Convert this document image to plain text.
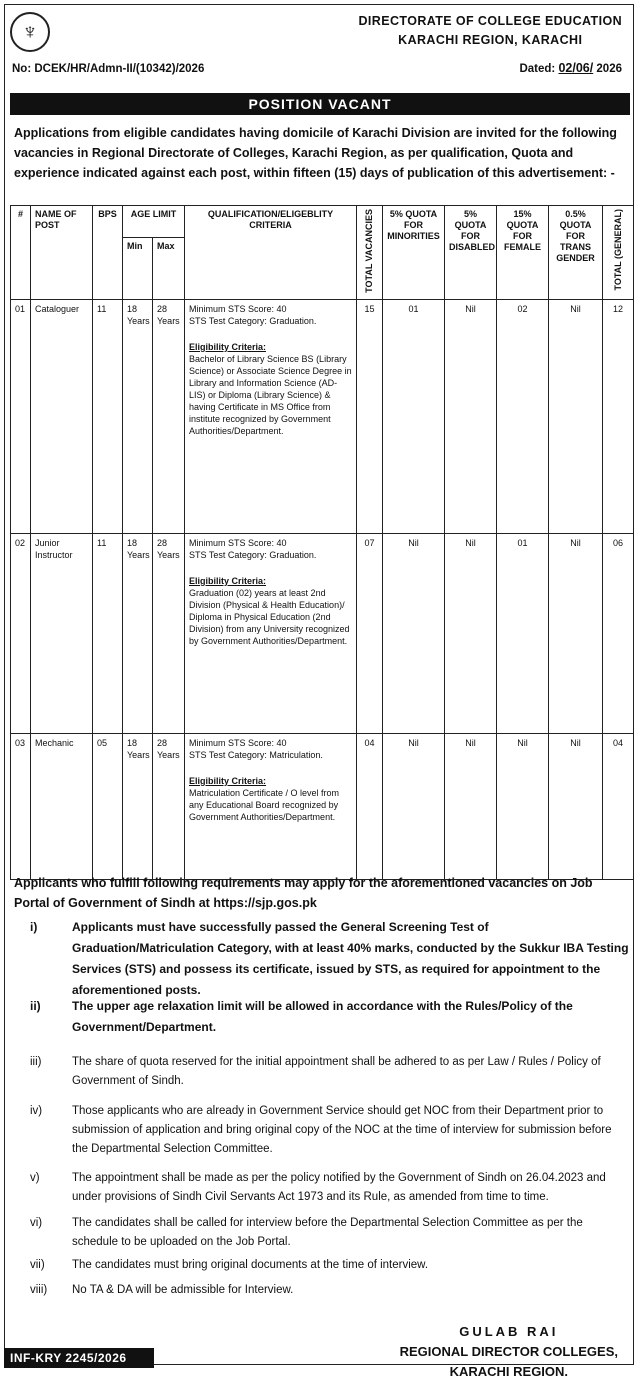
♆	DIRECTORATE OF COLLEGE EDUCATION
KARACHI REGION, KARACHI
No: DCEK/HR/Admn-II/(10342)/2026	Dated: 02/06/ 2026
POSITION VACANT
Applications from eligible candidates having domicile of Karachi Division are invited for the following vacancies in Regional Directorate of Colleges, Karachi Region, as per qualification, Quota and experience indicated against each post, within fifteen (15) days of publication of this advertisement: -
#	NAME OF POST	BPS	AGE LIMIT		QUALIFICATION/ELIGEBLITY CRITERIA	TOTAL VACANCIES	5% QUOTA FOR MINORITIES	5% QUOTA FOR DISABLED	15% QUOTA FOR FEMALE	0.5% QUOTA FOR TRANS GENDER	TOTAL (GENERAL)
			Min	Max							
01	Cataloguer	11	18 Years	28 Years	Minimum STS Score: 40
STS Test Category: Graduation.
Eligibility Criteria:
Bachelor of Library Science BS (Library Science) or Associate Science Degree in Library and Information Science (AD-LIS) or Diploma (Library Science) & having Certificate in MS Office from institute recognized by Government Authorities/Department.	15	01	Nil	02	Nil	12
02	Junior Instructor	11	18 Years	28 Years	Minimum STS Score: 40
STS Test Category: Graduation.
Eligibility Criteria:
Graduation (02) years at least 2nd Division (Physical & Health Education)/ Diploma in Physical Education (2nd Division) from any University recognized by Government Authorities/Department.	07	Nil	Nil	01	Nil	06
03	Mechanic	05	18 Years	28 Years	Minimum STS Score: 40
STS Test Category: Matriculation.
Eligibility Criteria:
Matriculation Certificate / O level from any Educational Board recognized by Government Authorities/Department.	04	Nil	Nil	Nil	Nil	04
Applicants who fulfill following requirements may apply for the aforementioned vacancies on Job Portal of Government of Sindh at https://sjp.gos.pk
i)	Applicants must have successfully passed the General Screening Test of Graduation/Matriculation Category, with at least 40% marks, conducted by the Sukkur IBA Testing Services (STS) and possess its certificate, issued by STS, as required for appointment to the aforementioned posts.
ii)	The upper age relaxation limit will be allowed in accordance with the Rules/Policy of the Government/Department.
iii)	The share of quota reserved for the initial appointment shall be adhered to as per Law / Rules / Policy of Government of Sindh.
iv)	Those applicants who are already in Government Service should get NOC from their Department prior to submission of application and bring original copy of the NOC at the time of interview for submission before the Departmental Selection Committee.
v)	The appointment shall be made as per the policy notified by the Government of Sindh on 26.04.2023 and under provisions of Sindh Civil Servants Act 1973 and its Rule, as amended from time to time.
vi)	The candidates shall be called for interview before the Departmental Selection Committee as per the schedule to be uploaded on the Job Portal.
vii)	The candidates must bring original documents at the time of interview.
viii)	No TA & DA will be admissible for Interview.
GULAB RAI
REGIONAL DIRECTOR COLLEGES,
KARACHI REGION.
INF-KRY 2245/2026
